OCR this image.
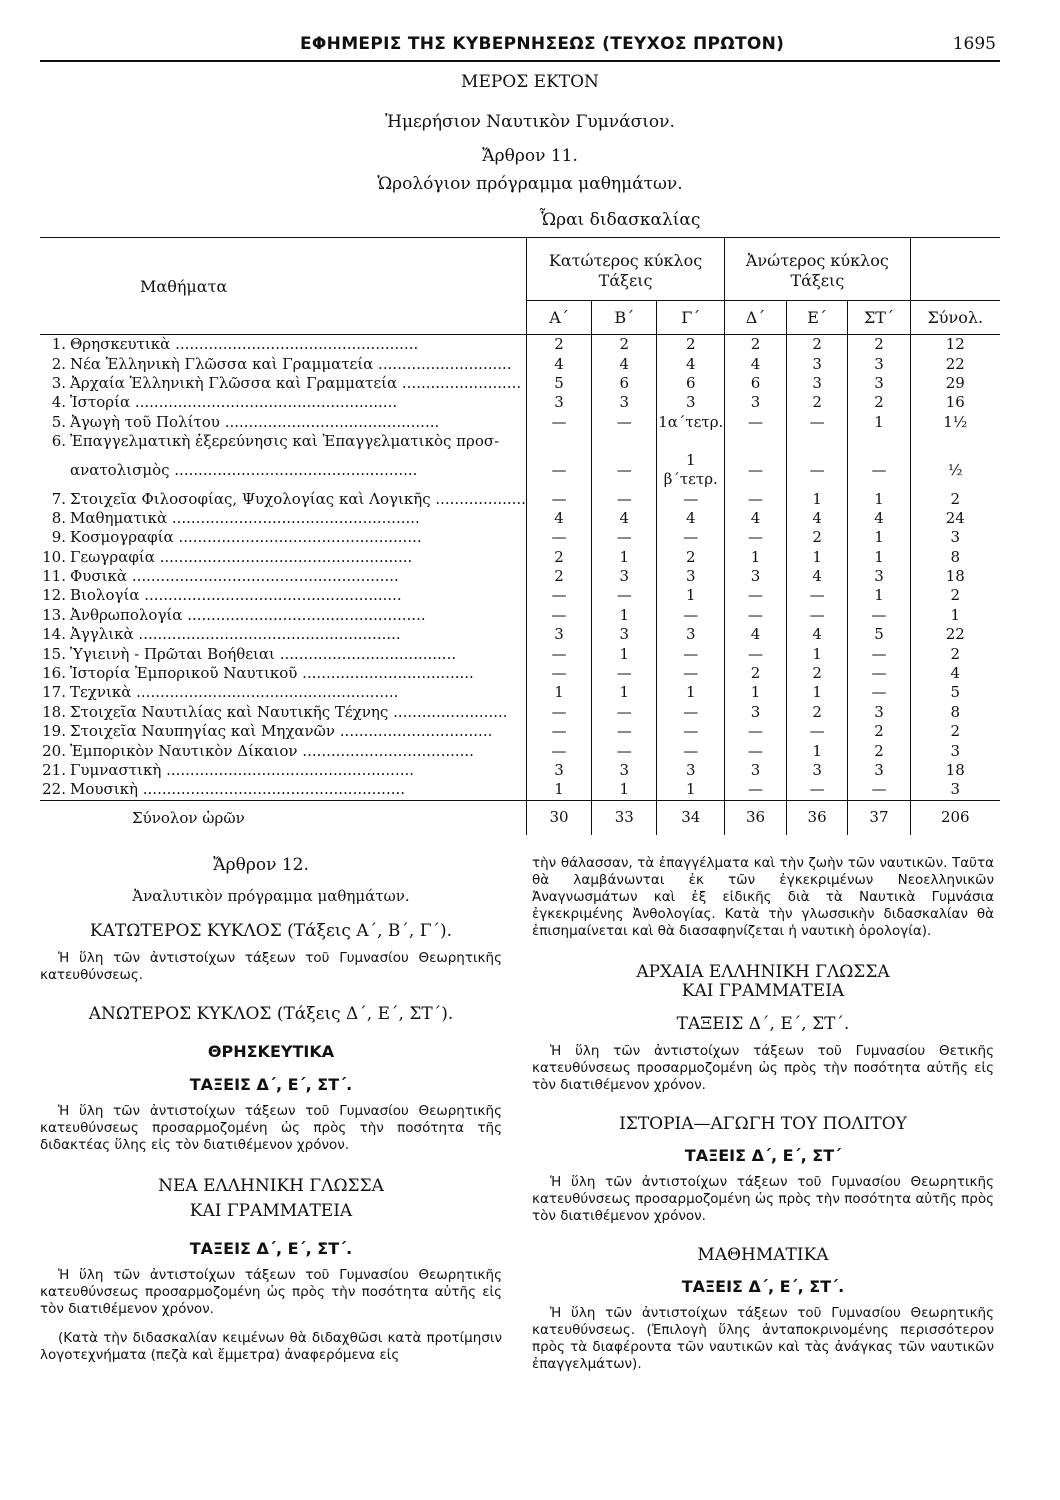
ΕΦΗΜΕΡΙΣ ΤΗΣ ΚΥΒΕΡΝΗΣΕΩΣ (ΤΕΥΧΟΣ ΠΡΩΤΟΝ)	1695
ΜΕΡΟΣ ΕΚΤΟΝ
Ἡμερήσιον Ναυτικὸν Γυμνάσιον.
Ἄρθρον 11.
Ὡρολόγιον πρόγραμμα μαθημάτων.
Ὧραι διδασκαλίας
Μαθήματα	Κατώτερος κύκλος
Τάξεις			Ἀνώτερος κύκλος
Τάξεις			
	Α΄	Β΄	Γ΄	Δ΄	Ε΄	ΣΤ΄	Σύνολ.
1. Θρησκευτικὰ ...................................................	2	2	2	2	2	2	12
2. Νέα Ἑλληνικὴ Γλῶσσα καὶ Γραμματεία ............................	4	4	4	4	3	3	22
3. Ἀρχαία Ἑλληνικὴ Γλῶσσα καὶ Γραμματεία .........................	5	6	6	6	3	3	29
4. Ἱστορία .......................................................	3	3	3	3	2	2	16
5. Ἀγωγὴ τοῦ Πολίτου .............................................	—	—	1α΄τετρ.	—	—	1	1½
6. Ἐπαγγελματικὴ ἐξερεύνησις καὶ Ἐπαγγελματικὸς προσ-							
ανατολισμὸς ...................................................	—	—	1 β΄τετρ.	—	—	—	½
7. Στοιχεῖα Φιλοσοφίας, Ψυχολογίας καὶ Λογικῆς ...................	—	—	—	—	1	1	2
8. Μαθηματικὰ ....................................................	4	4	4	4	4	4	24
9. Κοσμογραφία ...................................................	—	—	—	—	2	1	3
10. Γεωγραφία .....................................................	2	1	2	1	1	1	8
11. Φυσικὰ ........................................................	2	3	3	3	4	3	18
12. Βιολογία ......................................................	—	—	1	—	—	1	2
13. Ἀνθρωπολογία ..................................................	—	1	—	—	—	—	1
14. Ἀγγλικὰ .......................................................	3	3	3	4	4	5	22
15. Ὑγιεινὴ - Πρῶται Βοήθειαι .....................................	—	1	—	—	1	—	2
16. Ἱστορία Ἐμπορικοῦ Ναυτικοῦ ....................................	—	—	—	2	2	—	4
17. Τεχνικὰ .......................................................	1	1	1	1	1	—	5
18. Στοιχεῖα Ναυτιλίας καὶ Ναυτικῆς Τέχνης ........................	—	—	—	3	2	3	8
19. Στοιχεῖα Ναυπηγίας καὶ Μηχανῶν ................................	—	—	—	—	—	2	2
20. Ἐμπορικὸν Ναυτικὸν Δίκαιον ....................................	—	—	—	—	1	2	3
21. Γυμναστικὴ ....................................................	3	3	3	3	3	3	18
22. Μουσικὴ .......................................................	1	1	1	—	—	—	3
Σύνολον ὡρῶν	30	33	34	36	36	37	206
Ἄρθρον 12.
Ἀναλυτικὸν πρόγραμμα μαθημάτων.
ΚΑΤΩΤΕΡΟΣ ΚΥΚΛΟΣ (Τάξεις Α΄, Β΄, Γ΄).

Ἡ ὕλη τῶν ἀντιστοίχων τάξεων τοῦ Γυμνασίου Θεωρητικῆς κατευθύνσεως.

ΑΝΩΤΕΡΟΣ ΚΥΚΛΟΣ (Τάξεις Δ΄, Ε΄, ΣΤ΄).
ΘΡΗΣΚΕΥΤΙΚΑ
ΤΑΞΕΙΣ Δ΄, Ε΄, ΣΤ΄.

Ἡ ὕλη τῶν ἀντιστοίχων τάξεων τοῦ Γυμνασίου Θεωρητικῆς κατευθύνσεως προσαρμοζομένη ὡς πρὸς τὴν ποσότητα τῆς διδακτέας ὕλης εἰς τὸν διατιθέμενον χρόνον.

ΝΕΑ ΕΛΛΗΝΙΚΗ ΓΛΩΣΣΑ
ΚΑΙ ΓΡΑΜΜΑΤΕΙΑ
ΤΑΞΕΙΣ Δ΄, Ε΄, ΣΤ΄.

Ἡ ὕλη τῶν ἀντιστοίχων τάξεων τοῦ Γυμνασίου Θεωρητικῆς κατευθύνσεως προσαρμοζομένη ὡς πρὸς τὴν ποσότητα αὐτῆς εἰς τὸν διατιθέμενον χρόνον.

(Κατὰ τὴν διδασκαλίαν κειμένων θὰ διδαχθῶσι κατὰ προτίμησιν λογοτεχνήματα (πεζὰ καὶ ἔμμετρα) ἀναφερόμενα εἰς

τὴν θάλασσαν, τὰ ἐπαγγέλματα καὶ τὴν ζωὴν τῶν ναυτικῶν. Ταῦτα θὰ λαμβάνωνται ἐκ τῶν ἐγκεκριμένων Νεοελληνικῶν Ἀναγνωσμάτων καὶ ἐξ εἰδικῆς διὰ τὰ Ναυτικὰ Γυμνάσια ἐγκεκριμένης Ἀνθολογίας. Κατὰ τὴν γλωσσικὴν διδασκαλίαν θὰ ἐπισημαίνεται καὶ θὰ διασαφηνίζεται ἡ ναυτικὴ ὁρολογία).

ΑΡΧΑΙΑ ΕΛΛΗΝΙΚΗ ΓΛΩΣΣΑ
ΚΑΙ ΓΡΑΜΜΑΤΕΙΑ
ΤΑΞΕΙΣ Δ΄, Ε΄, ΣΤ΄.

Ἡ ὕλη τῶν ἀντιστοίχων τάξεων τοῦ Γυμνασίου Θετικῆς κατευθύνσεως προσαρμοζομένη ὡς πρὸς τὴν ποσότητα αὐτῆς εἰς τὸν διατιθέμενον χρόνον.

ΙΣΤΟΡΙΑ—ΑΓΩΓΗ ΤΟΥ ΠΟΛΙΤΟΥ
ΤΑΞΕΙΣ Δ΄, Ε΄, ΣΤ΄

Ἡ ὕλη τῶν ἀντιστοίχων τάξεων τοῦ Γυμνασίου Θεωρητικῆς κατευθύνσεως προσαρμοζομένη ὡς πρὸς τὴν ποσότητα αὐτῆς πρὸς τὸν διατιθέμενον χρόνον.

ΜΑΘΗΜΑΤΙΚΑ
ΤΑΞΕΙΣ Δ΄, Ε΄, ΣΤ΄.

Ἡ ὕλη τῶν ἀντιστοίχων τάξεων τοῦ Γυμνασίου Θεωρητικῆς κατευθύνσεως. (Ἐπιλογὴ ὕλης ἀνταποκρινομένης περισσότερον πρὸς τὰ διαφέροντα τῶν ναυτικῶν καὶ τὰς ἀνάγκας τῶν ναυτικῶν ἐπαγγελμάτων).
